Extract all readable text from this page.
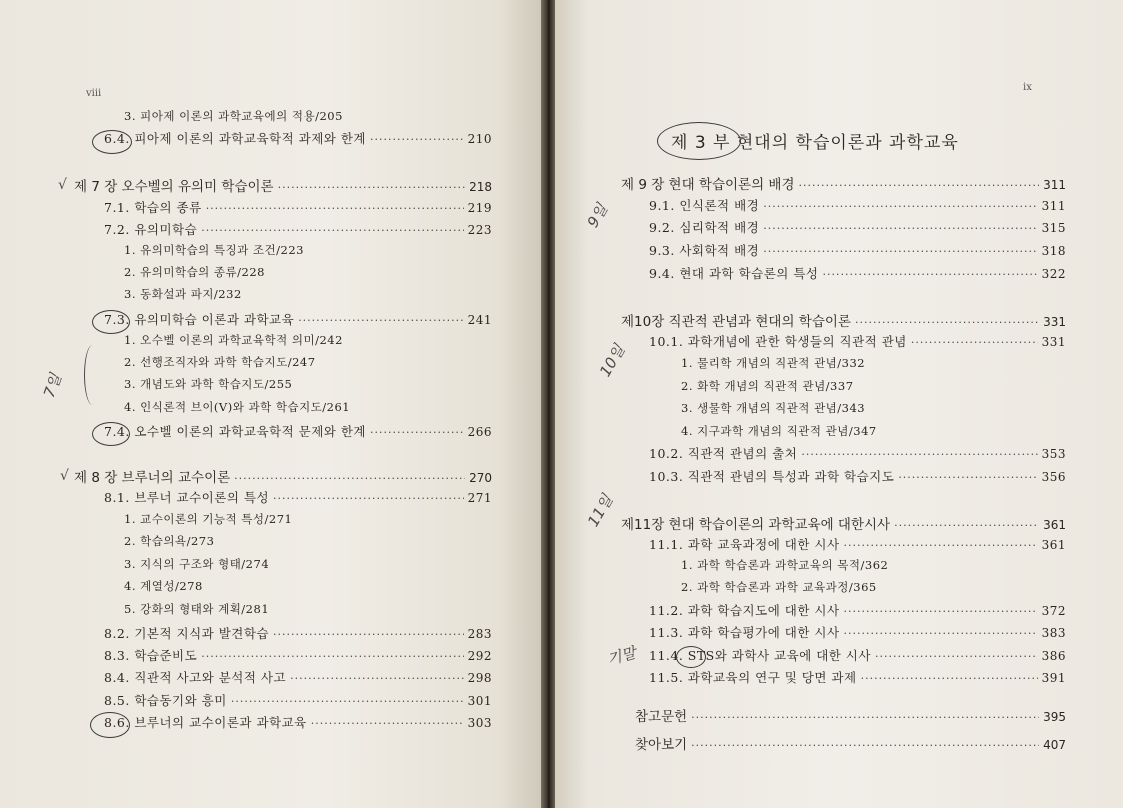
viii
3. 피아제 이론의 과학교육에의 적용/205
6.4. 피아제 이론의 과학교육학적 과제와 한계 ·····	210
제 7 장 오수벨의 유의미 학습이론 ·····	218
7.1. 학습의 종류 ·····	219
7.2. 유의미학습 ·····	223
1. 유의미학습의 특징과 조건/223
2. 유의미학습의 종류/228
3. 동화설과 파지/232
7.3. 유의미학습 이론과 과학교육 ·····	241
1. 오수벨 이론의 과학교육학적 의미/242
2. 선행조직자와 과학 학습지도/247
3. 개념도와 과학 학습지도/255
4. 인식론적 브이(V)와 과학 학습지도/261
7.4. 오수벨 이론의 과학교육학적 문제와 한계 ·····	266
제 8 장 브루너의 교수이론 ·····	270
8.1. 브루너 교수이론의 특성 ·····	271
1. 교수이론의 기능적 특성/271
2. 학습의욕/273
3. 지식의 구조와 형태/274
4. 계열성/278
5. 강화의 형태와 계획/281
8.2. 기본적 지식과 발견학습 ·····	283
8.3. 학습준비도 ·····	292
8.4. 직관적 사고와 분석적 사고 ·····	298
8.5. 학습동기와 흥미 ·····	301
8.6. 브루너의 교수이론과 과학교육 ·····	303
√
√
7일
ix
제 3 부 현대의 학습이론과 과학교육
제 9 장 현대 학습이론의 배경 ·····	311
9.1. 인식론적 배경 ·····	311
9.2. 심리학적 배경 ·····	315
9.3. 사회학적 배경 ·····	318
9.4. 현대 과학 학습론의 특성 ·····	322
제10장 직관적 관념과 현대의 학습이론 ·····	331
10.1. 과학개념에 관한 학생들의 직관적 관념 ·····	331
1. 물리학 개념의 직관적 관념/332
2. 화학 개념의 직관적 관념/337
3. 생물학 개념의 직관적 관념/343
4. 지구과학 개념의 직관적 관념/347
10.2. 직관적 관념의 출처 ·····	353
10.3. 직관적 관념의 특성과 과학 학습지도 ·····	356
제11장 현대 학습이론의 과학교육에 대한시사 ·····	361
11.1. 과학 교육과정에 대한 시사 ·····	361
1. 과학 학습론과 과학교육의 목적/362
2. 과학 학습론과 과학 교육과정/365
11.2. 과학 학습지도에 대한 시사 ·····	372
11.3. 과학 학습평가에 대한 시사 ·····	383
11.4. STS와 과학사 교육에 대한 시사 ·····	386
11.5. 과학교육의 연구 및 당면 과제 ·····	391
참고문헌 ·····	395
찾아보기 ·····	407
9일
10일
11일
기말
